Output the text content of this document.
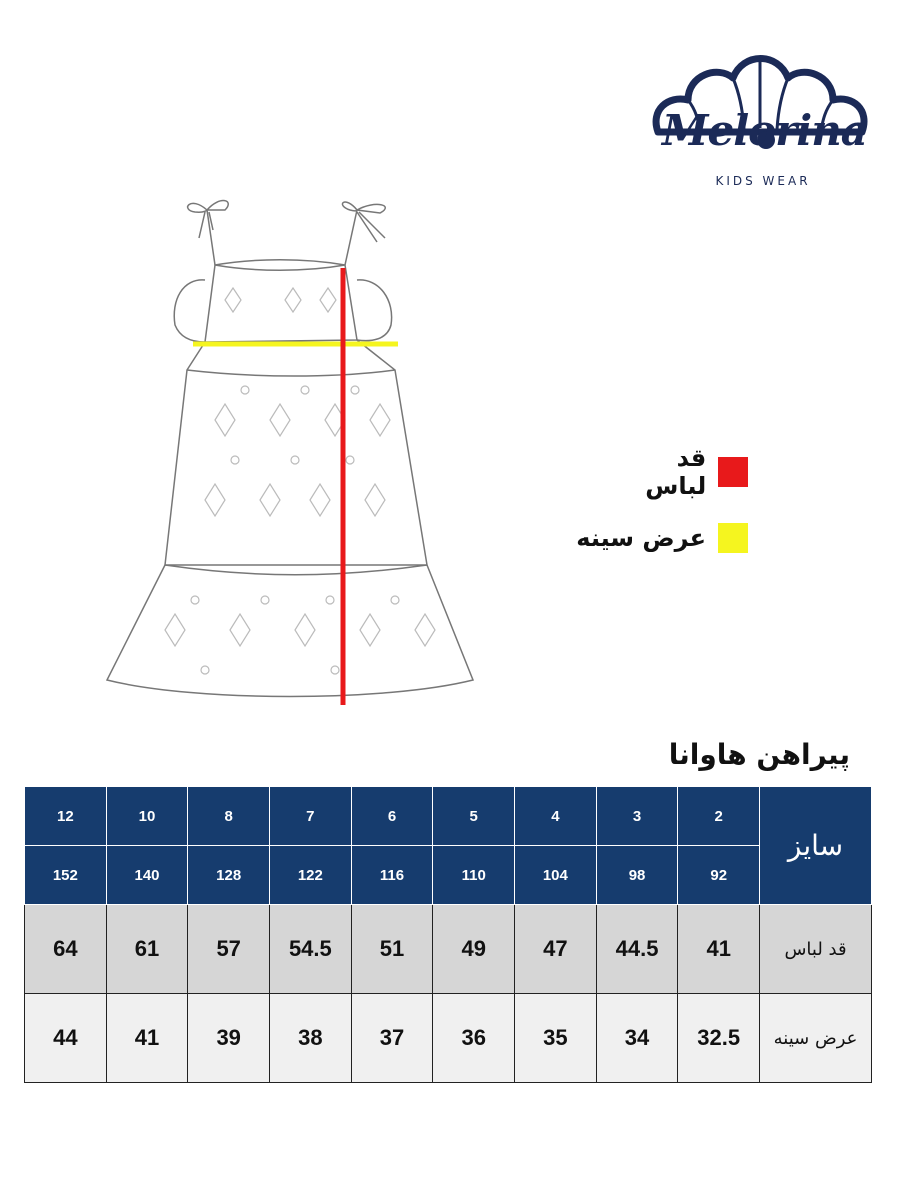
Melorina
KIDS WEAR
قد لباس
عرض سینه
پیراهن هاوانا
12	10	8	7	6	5	4	3	2	سایز
152	140	128	122	116	110	104	98	92	
64	61	57	54.5	51	49	47	44.5	41	قد لباس
44	41	39	38	37	36	35	34	32.5	عرض سینه
